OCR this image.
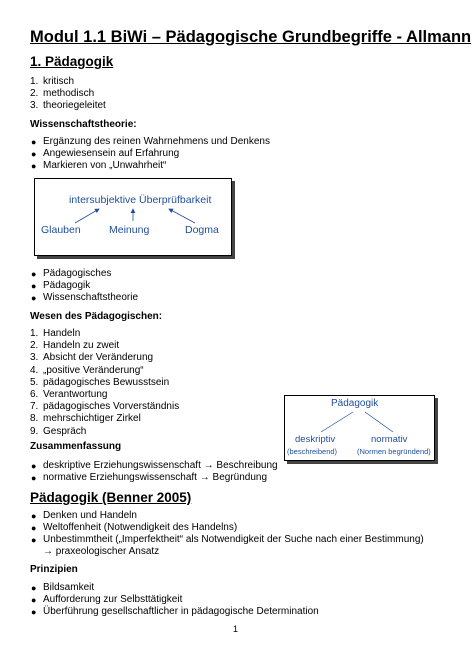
Modul 1.1 BiWi – Pädagogische Grundbegriffe - Allmann
1. Pädagogik
1. kritisch
2. methodisch
3. theoriegeleitet
Wissenschaftstheorie:
● Ergänzung des reinen Wahrnehmens und Denkens
● Angewiesensein auf Erfahrung
● Markieren von „Unwahrheit“
intersubjektive Überprüfbarkeit
Glauben	Meinung	Dogma
● Pädagogisches
● Pädagogik
● Wissenschaftstheorie
Wesen des Pädagogischen:
1. Handeln
2. Handeln zu zweit
3. Absicht der Veränderung
4. „positive Veränderung“
5. pädagogisches Bewusstsein
6. Verantwortung
7. pädagogisches Vorverständnis
8. mehrschichtiger Zirkel
9. Gespräch
Pädagogik
deskriptiv
(beschreibend)
normativ
(Normen begründend)
Zusammenfassung
● deskriptive Erziehungswissenschaft → Beschreibung
● normative Erziehungswissenschaft → Begründung
Pädagogik (Benner 2005)
● Denken und Handeln
● Weltoffenheit (Notwendigkeit des Handelns)
● Unbestimmtheit („Imperfektheit“ als Notwendigkeit der Suche nach einer Bestimmung)
→ praxeologischer Ansatz
Prinzipien
● Bildsamkeit
● Aufforderung zur Selbsttätigkeit
● Überführung gesellschaftlicher in pädagogische Determination
1
